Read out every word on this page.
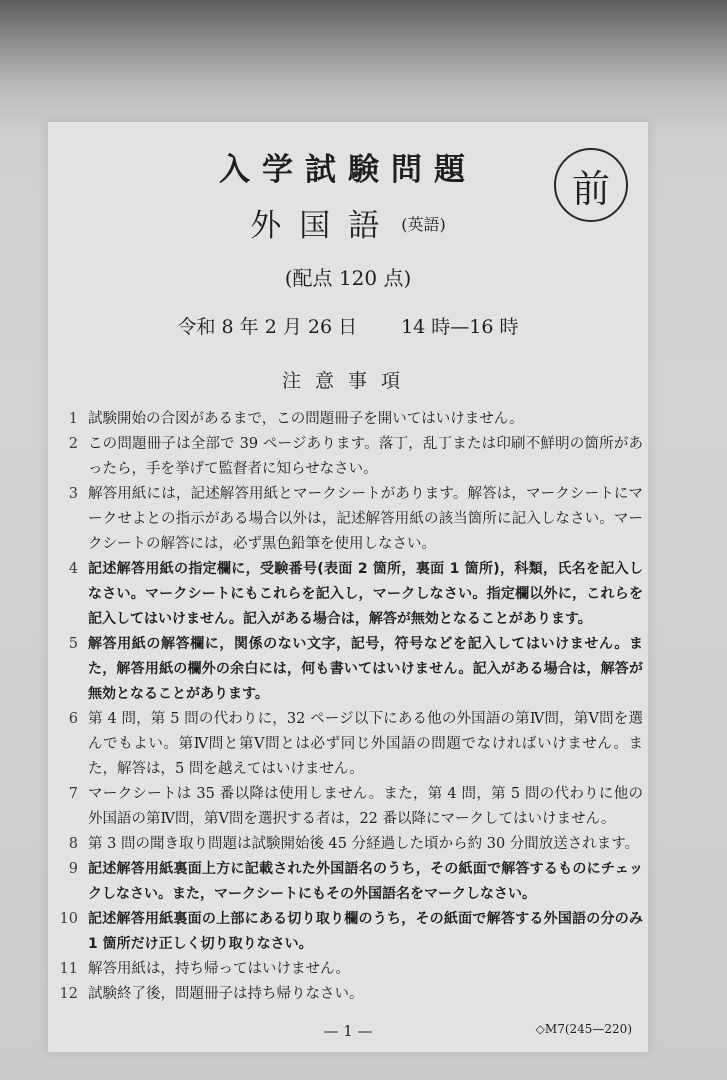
入学試験問題	前
外国語 (英語)
(配点 120 点)
令和 8 年 2 月 26 日 14 時—16 時
注意事項
1 試験開始の合図があるまで，この問題冊子を開いてはいけません。
2 この問題冊子は全部で 39 ページあります。落丁，乱丁または印刷不鮮明の箇所があったら，手を挙げて監督者に知らせなさい。
3 解答用紙には，記述解答用紙とマークシートがあります。解答は，マークシートにマークせよとの指示がある場合以外は，記述解答用紙の該当箇所に記入しなさい。マークシートの解答には，必ず黒色鉛筆を使用しなさい。
4 記述解答用紙の指定欄に，受験番号(表面 2 箇所，裏面 1 箇所)，科類，氏名を記入しなさい。マークシートにもこれらを記入し，マークしなさい。指定欄以外に，これらを記入してはいけません。記入がある場合は，解答が無効となることがあります。
5 解答用紙の解答欄に，関係のない文字，記号，符号などを記入してはいけません。また，解答用紙の欄外の余白には，何も書いてはいけません。記入がある場合は，解答が無効となることがあります。
6 第 4 問，第 5 問の代わりに，32 ページ以下にある他の外国語の第Ⅳ問，第Ⅴ問を選んでもよい。第Ⅳ問と第Ⅴ問とは必ず同じ外国語の問題でなければいけません。また，解答は，5 問を越えてはいけません。
7 マークシートは 35 番以降は使用しません。また，第 4 問，第 5 問の代わりに他の外国語の第Ⅳ問，第Ⅴ問を選択する者は，22 番以降にマークしてはいけません。
8 第 3 問の聞き取り問題は試験開始後 45 分経過した頃から約 30 分間放送されます。
9 記述解答用紙裏面上方に記載された外国語名のうち，その紙面で解答するものにチェックしなさい。また，マークシートにもその外国語名をマークしなさい。
10 記述解答用紙裏面の上部にある切り取り欄のうち，その紙面で解答する外国語の分のみ 1 箇所だけ正しく切り取りなさい。
11 解答用紙は，持ち帰ってはいけません。
12 試験終了後，問題冊子は持ち帰りなさい。
— 1 —	◇M7(245—220)
